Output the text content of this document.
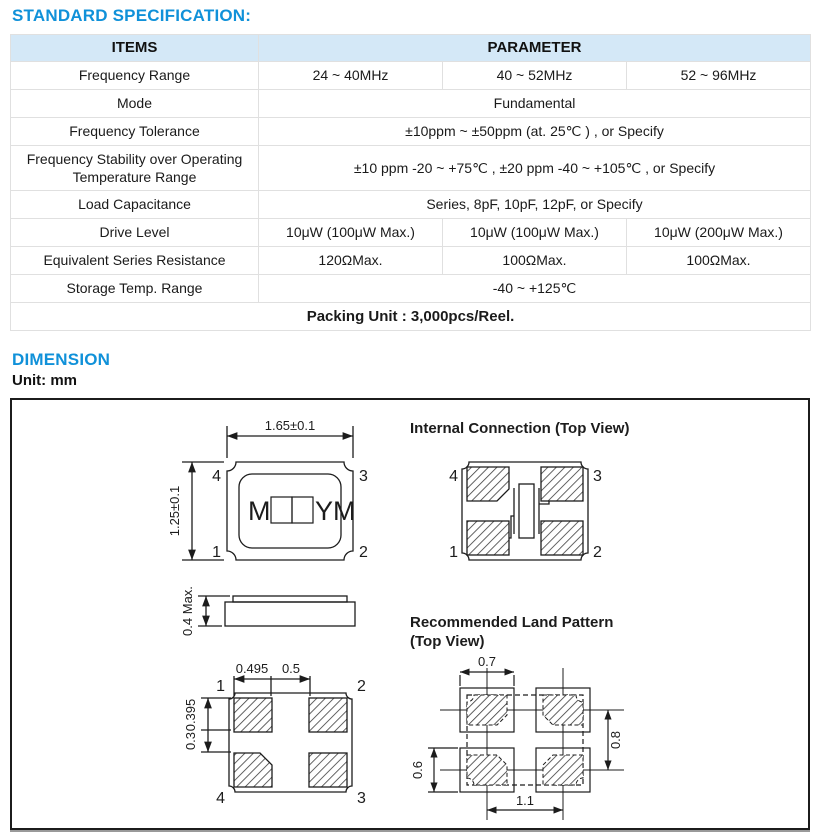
STANDARD SPECIFICATION:
ITEMS	PARAMETER		
Frequency Range	24 ~ 40MHz	40 ~ 52MHz	52 ~ 96MHz
Mode	Fundamental		
Frequency Tolerance	±10ppm ~ ±50ppm (at. 25℃ ) , or Specify		
Frequency Stability over Operating Temperature Range	±10 ppm -20 ~ +75℃ , ±20 ppm -40 ~ +105℃ , or Specify		
Load Capacitance	Series, 8pF, 10pF, 12pF, or Specify		
Drive Level	10μW (100μW Max.)	10μW (100μW Max.)	10μW (200μW Max.)
Equivalent Series Resistance	120ΩMax.	100ΩMax.	100ΩMax.
Storage Temp. Range	-40 ~ +125℃		
Packing Unit : 3,000pcs/Reel.			
DIMENSION
Unit: mm
M YM
1.65±0.1
1.25±0.1
4	3
1	2
0.4 Max.
Internal Connection (Top View)
4	3
1	2
0.495 0.5
0.395
0.3
1	2
4	3
Recommended Land Pattern
(Top View)
0.7
0.6
0.8
1.1
